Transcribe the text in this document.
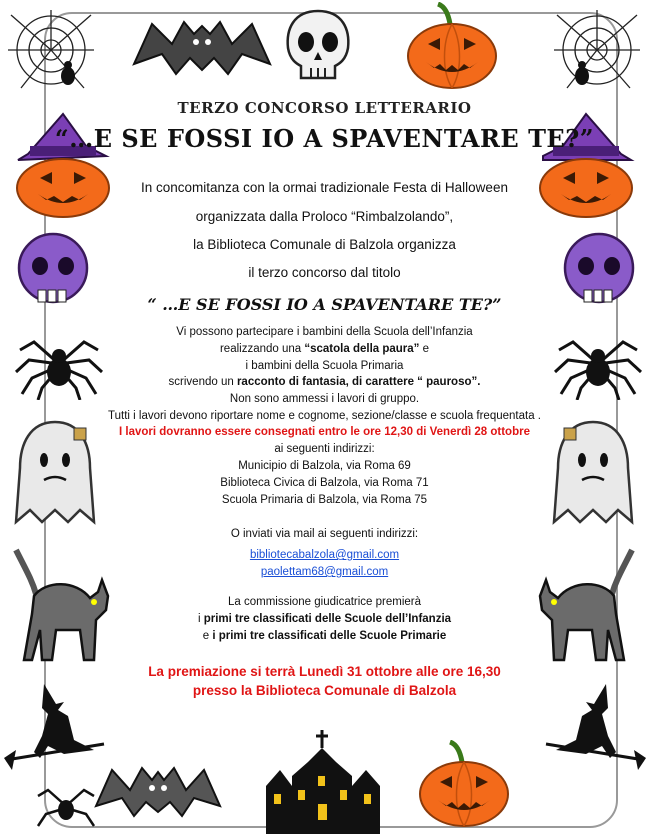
TERZO CONCORSO LETTERARIO
“…E SE FOSSI IO A SPAVENTARE TE?”
In concomitanza con la ormai tradizionale Festa di Halloween
organizzata dalla Proloco “Rimbalzolando”,
la Biblioteca Comunale di Balzola organizza
il terzo concorso dal titolo
“ …E SE FOSSI IO A SPAVENTARE TE?”
Vi possono partecipare i bambini della Scuola dell’Infanzia
realizzando una “scatola della paura” e
i bambini della Scuola Primaria
scrivendo un racconto di fantasia, di carattere “ pauroso”.
Non sono ammessi i lavori di gruppo.
Tutti i lavori devono riportare nome e cognome, sezione/classe e scuola frequentata .
I lavori dovranno essere consegnati entro le ore 12,30 di Venerdì 28 ottobre
ai seguenti indirizzi:
Municipio di Balzola, via Roma 69
Biblioteca Civica di Balzola, via Roma 71
Scuola Primaria di Balzola, via Roma 75
O inviati via mail ai seguenti indirizzi:
bibliotecabalzola@gmail.com
paolettam68@gmail.com
La commissione giudicatrice premierà
i primi tre classificati delle Scuole dell’Infanzia
e i primi tre classificati delle Scuole Primarie
La premiazione si terrà Lunedì 31 ottobre alle ore 16,30
presso la Biblioteca Comunale di Balzola
